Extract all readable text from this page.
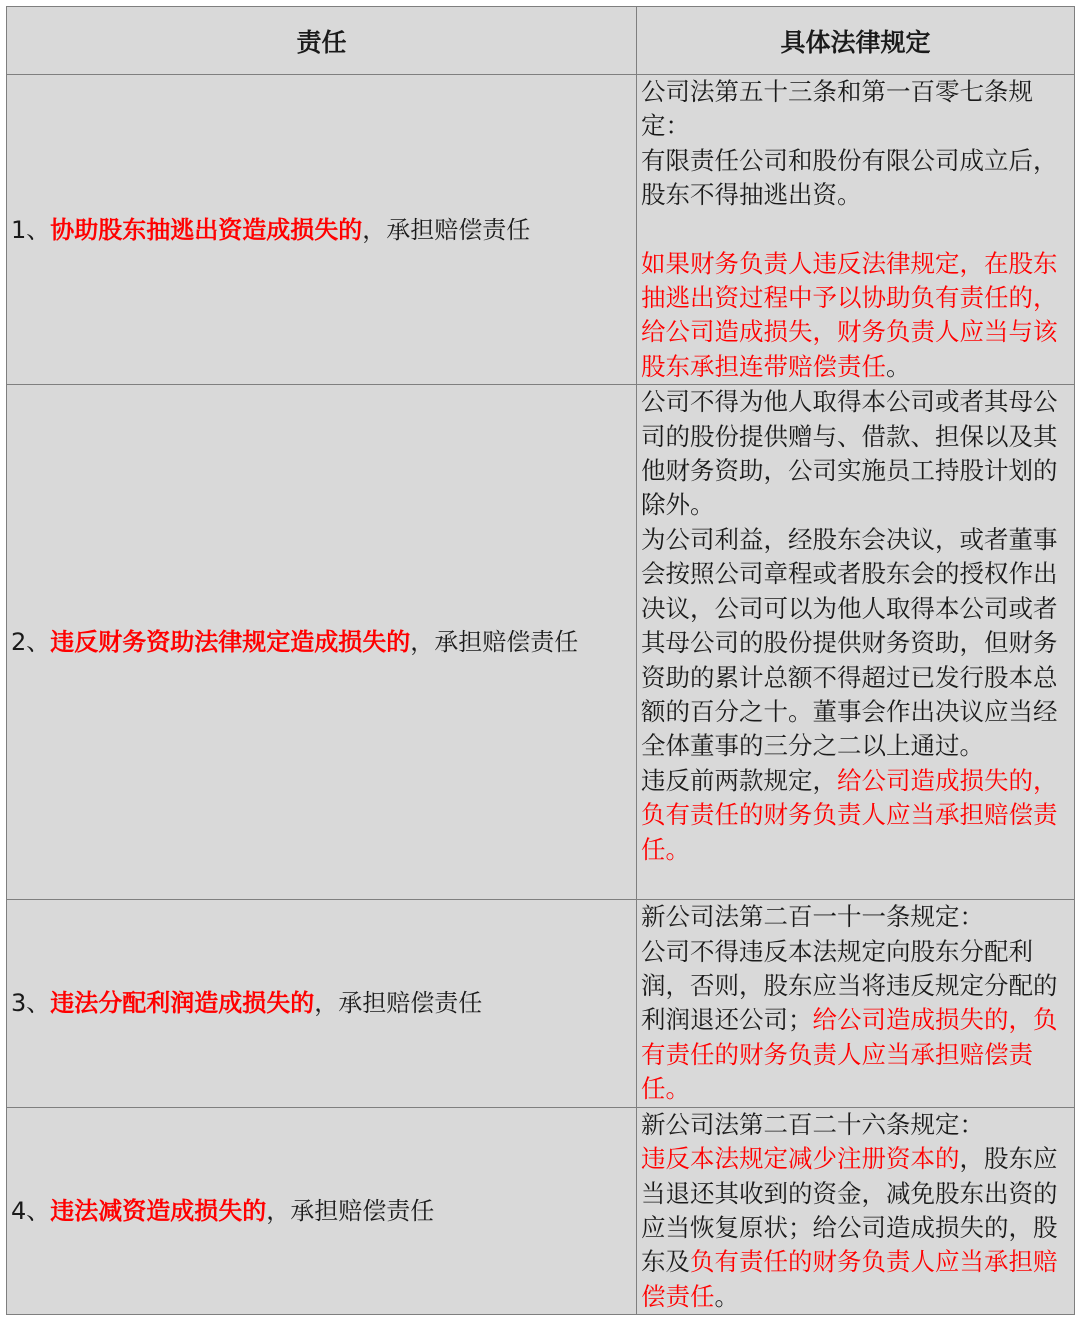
责任	具体法律规定
1、协助股东抽逃出资造成损失的，承担赔偿责任	公司法第五十三条和第一百零七条规定：
有限责任公司和股份有限公司成立后，股东不得抽逃出资。
如果财务负责人违反法律规定，在股东抽逃出资过程中予以协助负有责任的，给公司造成损失，财务负责人应当与该股东承担连带赔偿责任。

2、违反财务资助法律规定造成损失的，承担赔偿责任	公司不得为他人取得本公司或者其母公司的股份提供赠与、借款、担保以及其他财务资助，公司实施员工持股计划的除外。
为公司利益，经股东会决议，或者董事会按照公司章程或者股东会的授权作出决议，公司可以为他人取得本公司或者其母公司的股份提供财务资助，但财务资助的累计总额不得超过已发行股本总额的百分之十。董事会作出决议应当经全体董事的三分之二以上通过。
违反前两款规定，给公司造成损失的，负有责任的财务负责人应当承担赔偿责任。

3、违法分配利润造成损失的，承担赔偿责任	新公司法第二百一十一条规定：
公司不得违反本法规定向股东分配利润，否则，股东应当将违反规定分配的利润退还公司；给公司造成损失的，负有责任的财务负责人应当承担赔偿责任。

4、违法减资造成损失的，承担赔偿责任	新公司法第二百二十六条规定：
违反本法规定减少注册资本的，股东应当退还其收到的资金，减免股东出资的应当恢复原状；给公司造成损失的，股东及负有责任的财务负责人应当承担赔偿责任。
